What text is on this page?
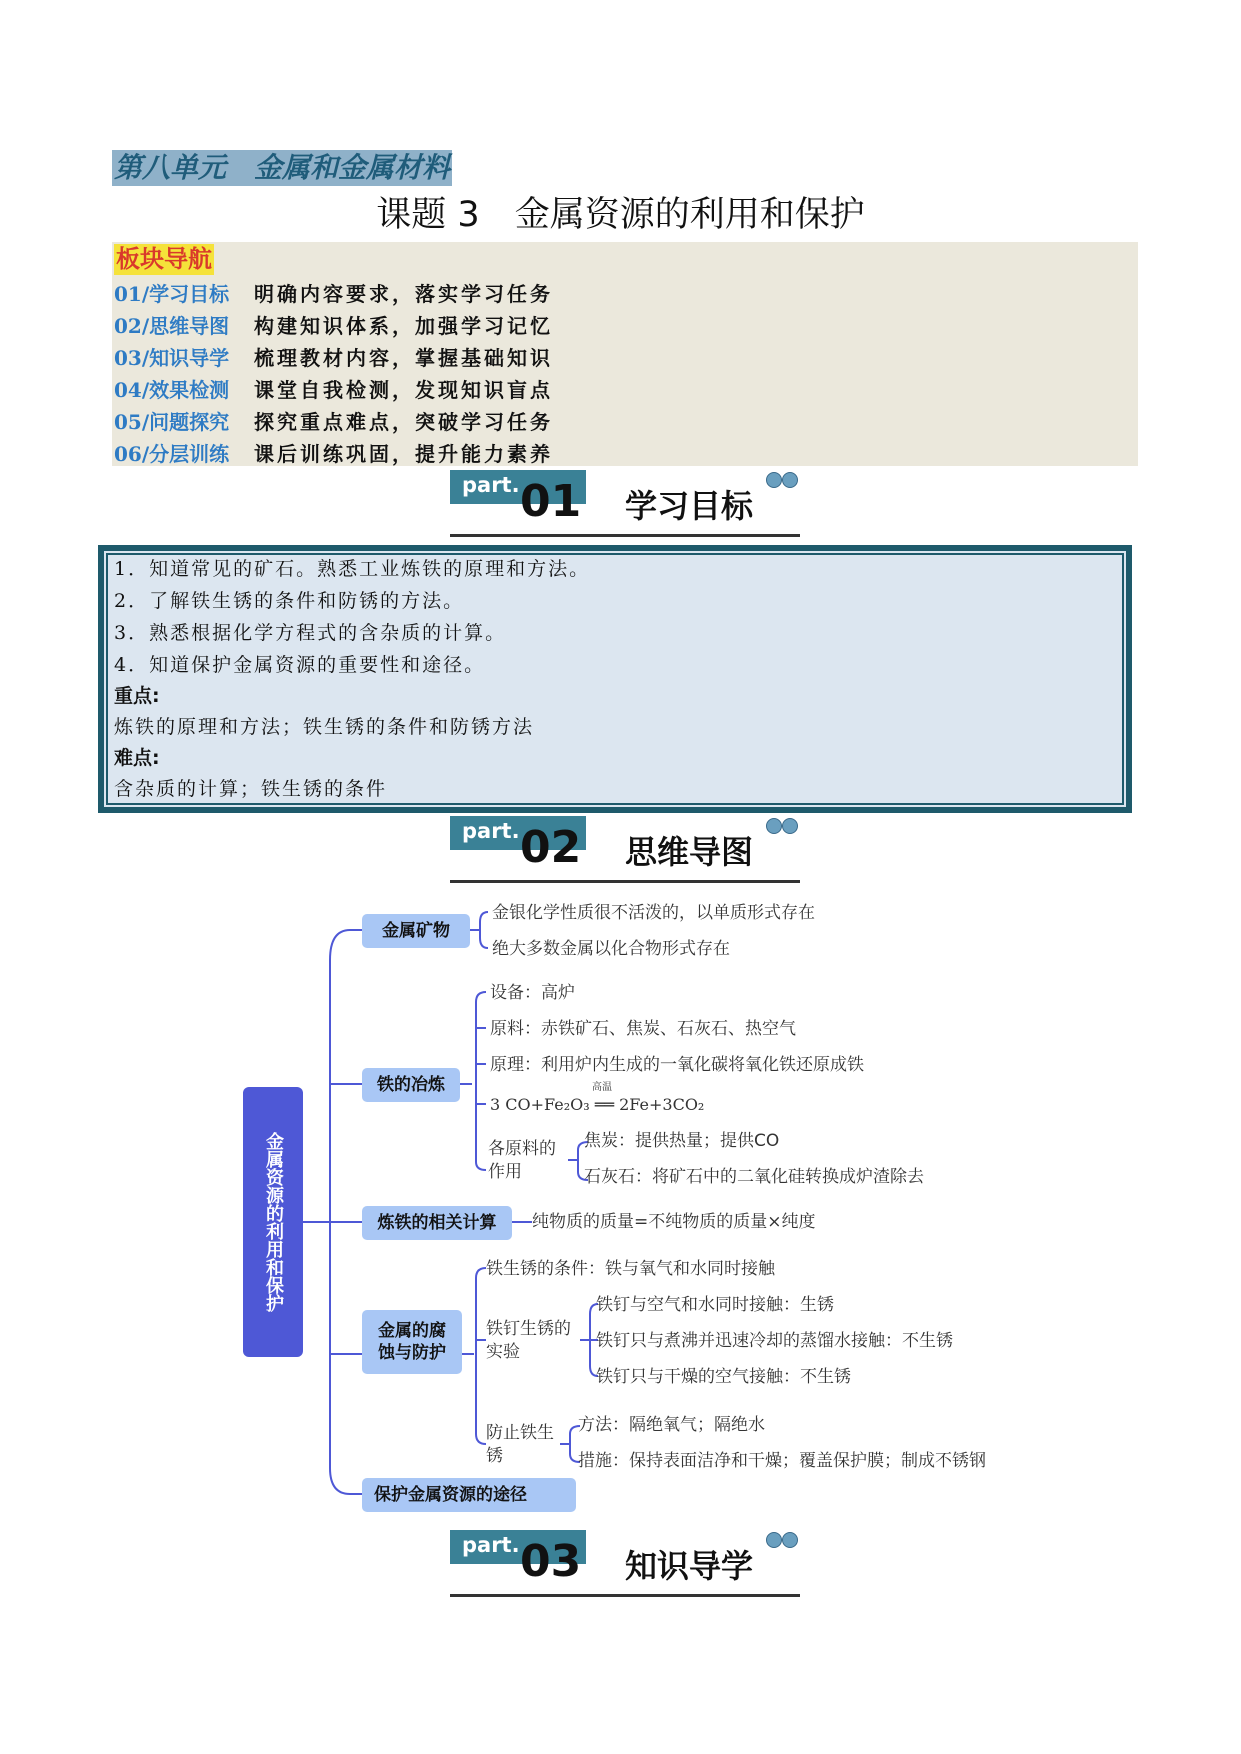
第八单元　金属和金属材料
课题 3　金属资源的利用和保护
板块导航
01/学习目标	明确内容要求，落实学习任务
02/思维导图	构建知识体系，加强学习记忆
03/知识导学	梳理教材内容，掌握基础知识
04/效果检测	课堂自我检测，发现知识盲点
05/问题探究	探究重点难点，突破学习任务
06/分层训练	课后训练巩固，提升能力素养
part. 01 学习目标
1．知道常见的矿石。熟悉工业炼铁的原理和方法。
2．了解铁生锈的条件和防锈的方法。
3．熟悉根据化学方程式的含杂质的计算。
4．知道保护金属资源的重要性和途径。
重点:
炼铁的原理和方法；铁生锈的条件和防锈方法
难点:
含杂质的计算；铁生锈的条件
part. 02 思维导图
金属资源的利用和保护
金属矿物
铁的冶炼
炼铁的相关计算
金属的腐蚀与防护
保护金属资源的途径
金银化学性质很不活泼的，以单质形式存在
绝大多数金属以化合物形式存在
设备：高炉
原料：赤铁矿石、焦炭、石灰石、热空气
原理：利用炉内生成的一氧化碳将氧化铁还原成铁
3 CO+Fe₂O₃ ══ 2Fe+3CO₂
高温
各原料的作用
焦炭：提供热量；提供CO
石灰石：将矿石中的二氧化硅转换成炉渣除去
纯物质的质量=不纯物质的质量×纯度
铁生锈的条件：铁与氧气和水同时接触
铁钉生锈的实验
铁钉与空气和水同时接触：生锈
铁钉只与煮沸并迅速冷却的蒸馏水接触：不生锈
铁钉只与干燥的空气接触：不生锈
防止铁生锈
方法：隔绝氧气；隔绝水
措施：保持表面洁净和干燥；覆盖保护膜；制成不锈钢
part. 03 知识导学
